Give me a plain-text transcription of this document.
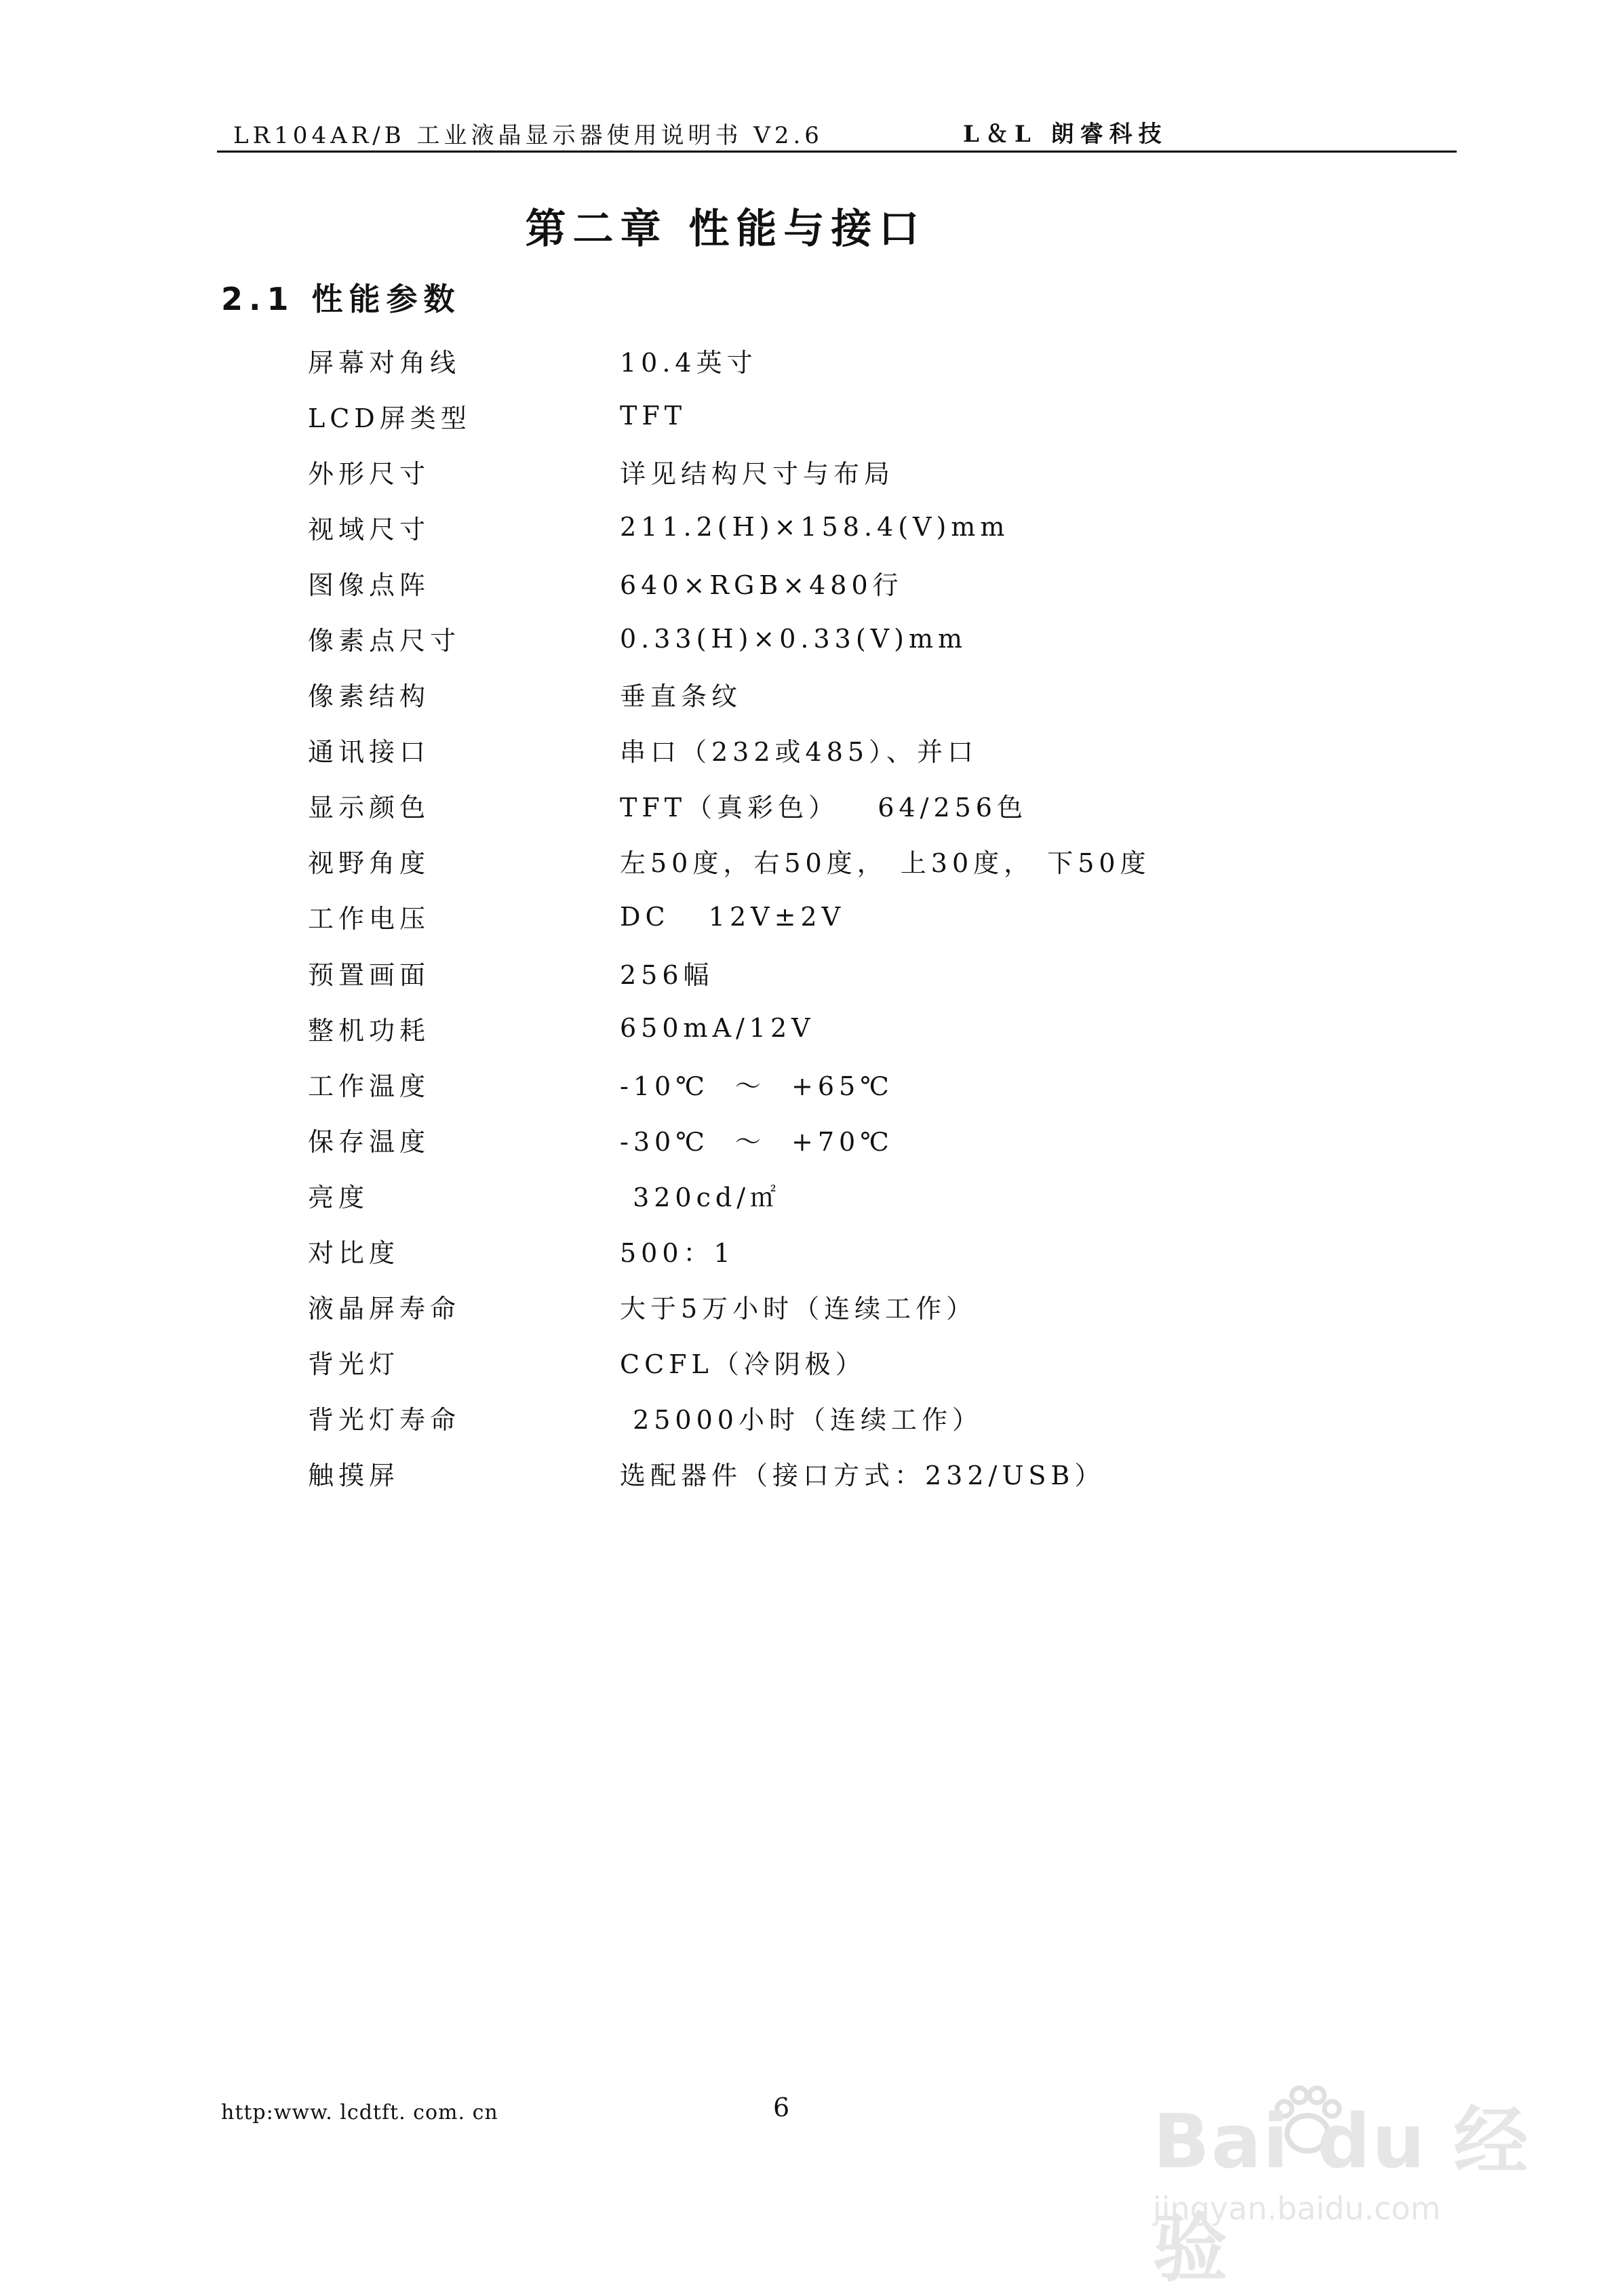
LR104AR/B 工业液晶显示器使用说明书 V2.6	L＆L 朗睿科技
第二章 性能与接口
2.1 性能参数
屏幕对角线	10.4英寸
LCD屏类型	TFT
外形尺寸	详见结构尺寸与布局
视域尺寸	211.2(H)×158.4(V)mm
图像点阵	640×RGB×480行
像素点尺寸	0.33(H)×0.33(V)mm
像素结构	垂直条纹
通讯接口	串口（232或485）、并口
显示颜色	TFT（真彩色）   64/256色
视野角度	左50度，右50度， 上30度， 下50度
工作电压	DC   12V±2V
预置画面	256幅
整机功耗	650mA/12V
工作温度	-10℃  ～  +65℃
保存温度	-30℃  ～  +70℃
亮度	320cd/㎡
对比度	500：1
液晶屏寿命	大于5万小时（连续工作）
背光灯	CCFL（冷阴极）
背光灯寿命	25000小时（连续工作）
触摸屏	选配器件（接口方式：232/USB）
http:www. lcdtft. com. cn	6	Bai du 经验
jingyan.baidu.com
